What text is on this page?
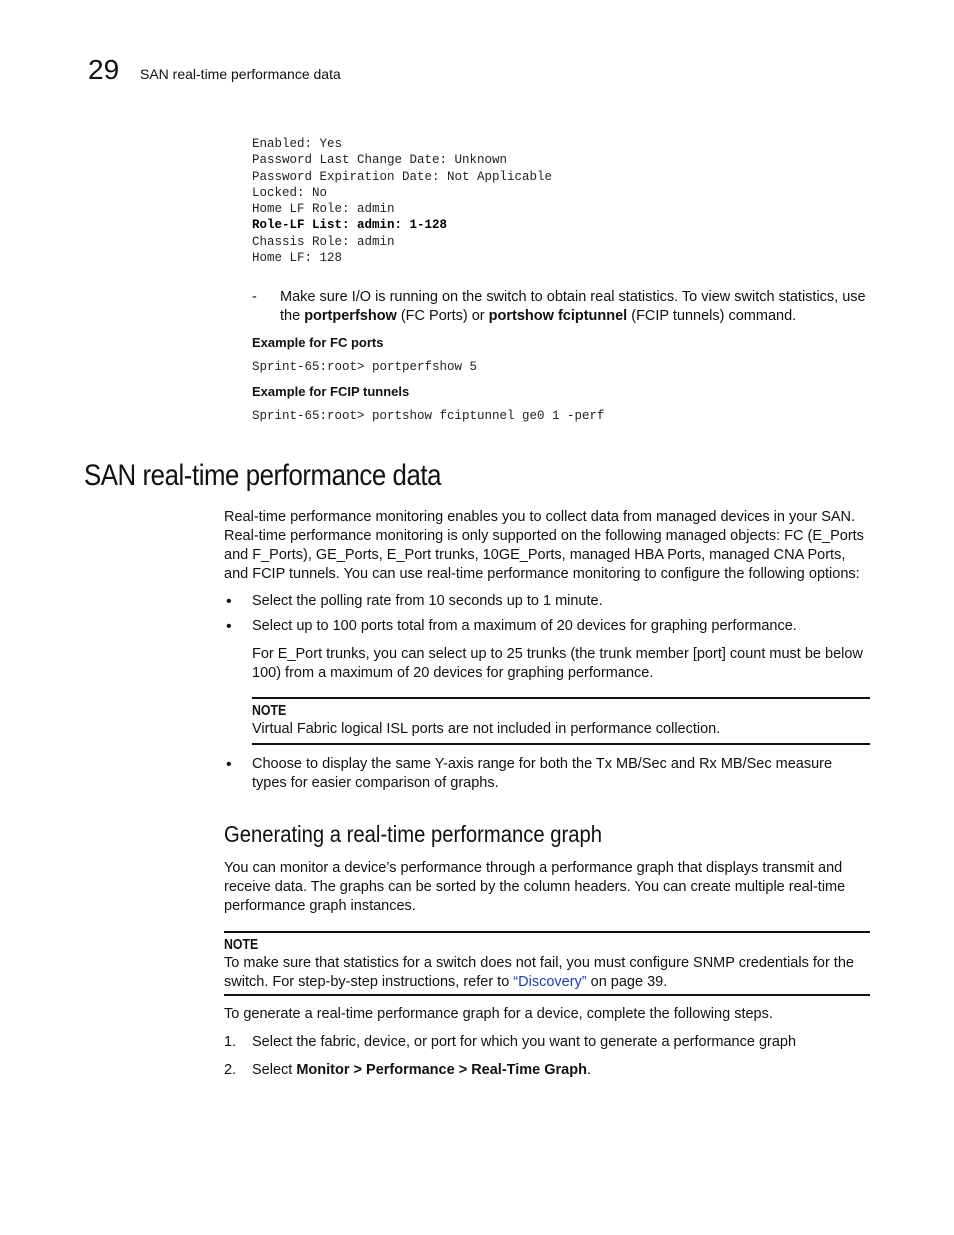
29 SAN real-time performance data
Enabled: Yes
Password Last Change Date: Unknown
Password Expiration Date: Not Applicable
Locked: No
Home LF Role: admin
Role-LF List: admin: 1-128
Chassis Role: admin
Home LF: 128
- Make sure I/O is running on the switch to obtain real statistics. To view switch statistics, use the portperfshow (FC Ports) or portshow fciptunnel (FCIP tunnels) command.
Example for FC ports
Sprint-65:root> portperfshow 5
Example for FCIP tunnels
Sprint-65:root> portshow fciptunnel ge0 1 -perf
SAN real-time performance data
Real-time performance monitoring enables you to collect data from managed devices in your SAN. Real-time performance monitoring is only supported on the following managed objects: FC (E_Ports and F_Ports), GE_Ports, E_Port trunks, 10GE_Ports, managed HBA Ports, managed CNA Ports, and FCIP tunnels. You can use real-time performance monitoring to configure the following options:
• Select the polling rate from 10 seconds up to 1 minute.
• Select up to 100 ports total from a maximum of 20 devices for graphing performance.
For E_Port trunks, you can select up to 25 trunks (the trunk member [port] count must be below 100) from a maximum of 20 devices for graphing performance.
NOTE
Virtual Fabric logical ISL ports are not included in performance collection.
• Choose to display the same Y-axis range for both the Tx MB/Sec and Rx MB/Sec measure types for easier comparison of graphs.
Generating a real-time performance graph
You can monitor a device’s performance through a performance graph that displays transmit and receive data. The graphs can be sorted by the column headers. You can create multiple real-time performance graph instances.
NOTE
To make sure that statistics for a switch does not fail, you must configure SNMP credentials for the switch. For step-by-step instructions, refer to “Discovery” on page 39.
To generate a real-time performance graph for a device, complete the following steps.
1. Select the fabric, device, or port for which you want to generate a performance graph
2. Select Monitor > Performance > Real-Time Graph.
